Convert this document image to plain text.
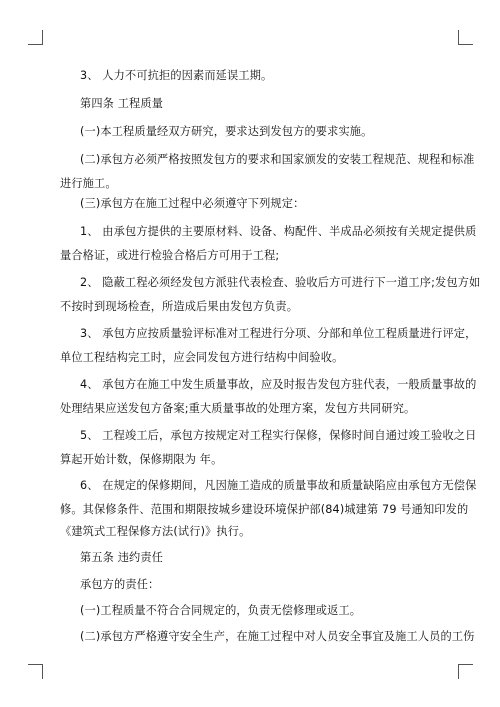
3、 人力不可抗拒的因素而延误工期。
第四条 工程质量
(一)本工程质量经双方研究，要求达到发包方的要求实施。
(二)承包方必须严格按照发包方的要求和国家颁发的安装工程规范、规程和标准
进行施工。
(三)承包方在施工过程中必须遵守下列规定：
1、 由承包方提供的主要原材料、设备、构配件、半成品必须按有关规定提供质
量合格证，或进行检验合格后方可用于工程;
2、 隐蔽工程必须经发包方派驻代表检查、验收后方可进行下一道工序;发包方如
不按时到现场检查，所造成后果由发包方负责。
3、 承包方应按质量验评标准对工程进行分项、分部和单位工程质量进行评定，
单位工程结构完工时，应会同发包方进行结构中间验收。
4、 承包方在施工中发生质量事故，应及时报告发包方驻代表，一般质量事故的
处理结果应送发包方备案;重大质量事故的处理方案，发包方共同研究。
5、 工程竣工后，承包方按规定对工程实行保修，保修时间自通过竣工验收之日
算起开始计数，保修期限为 年。
6、 在规定的保修期间，凡因施工造成的质量事故和质量缺陷应由承包方无偿保
修。其保修条件、范围和期限按城乡建设环境保护部(84)城建第 79 号通知印发的
《建筑式工程保修方法(试行)》执行。
第五条 违约责任
承包方的责任：
(一)工程质量不符合合同规定的，负责无偿修理或返工。
(二)承包方严格遵守安全生产，在施工过程中对人员安全事宜及施工人员的工伤
